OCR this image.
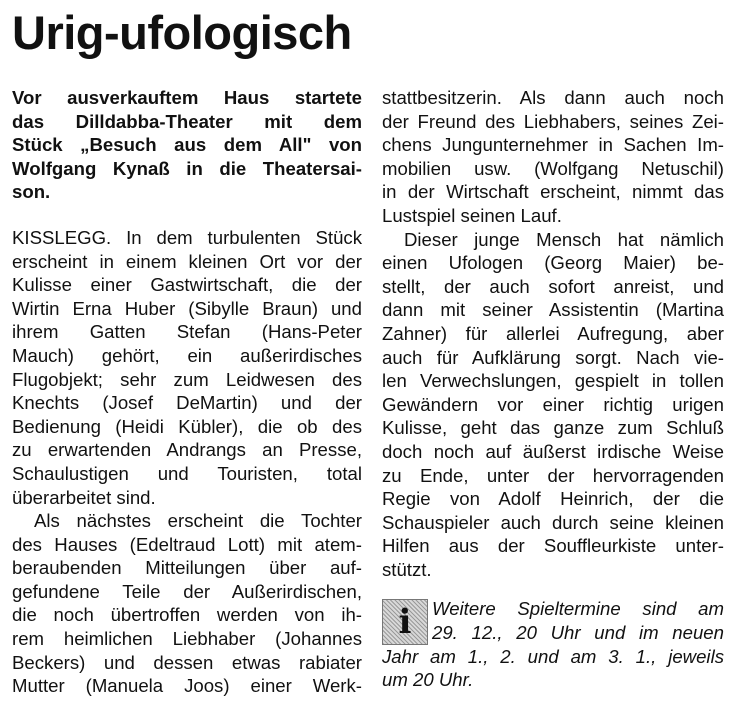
Urig-ufologisch
Vor ausverkauftem Haus startete
das Dilldabba-Theater mit dem
Stück „Besuch aus dem All" von
Wolfgang Kynaß in die Theatersai-
son.
KISSLEGG. In dem turbulenten Stück
erscheint in einem kleinen Ort vor der
Kulisse einer Gastwirtschaft, die der
Wirtin Erna Huber (Sibylle Braun) und
ihrem Gatten Stefan (Hans-Peter
Mauch) gehört, ein außerirdisches
Flugobjekt; sehr zum Leidwesen des
Knechts (Josef DeMartin) und der
Bedienung (Heidi Kübler), die ob des
zu erwartenden Andrangs an Presse,
Schaulustigen und Touristen, total
überarbeitet sind.
Als nächstes erscheint die Tochter
des Hauses (Edeltraud Lott) mit atem-
beraubenden Mitteilungen über auf-
gefundene Teile der Außerirdischen,
die noch übertroffen werden von ih-
rem heimlichen Liebhaber (Johannes
Beckers) und dessen etwas rabiater
Mutter (Manuela Joos) einer Werk-
stattbesitzerin. Als dann auch noch
der Freund des Liebhabers, seines Zei-
chens Jungunternehmer in Sachen Im-
mobilien usw. (Wolfgang Netuschil)
in der Wirtschaft erscheint, nimmt das
Lustspiel seinen Lauf.
Dieser junge Mensch hat nämlich
einen Ufologen (Georg Maier) be-
stellt, der auch sofort anreist, und
dann mit seiner Assistentin (Martina
Zahner) für allerlei Aufregung, aber
auch für Aufklärung sorgt. Nach vie-
len Verwechslungen, gespielt in tollen
Gewändern vor einer richtig urigen
Kulisse, geht das ganze zum Schluß
doch noch auf äußerst irdische Weise
zu Ende, unter der hervorragenden
Regie von Adolf Heinrich, der die
Schauspieler auch durch seine kleinen
Hilfen aus der Souffleurkiste unter-
stützt.
i	Weitere Spieltermine sind am
29. 12., 20 Uhr und im neuen
Jahr am 1., 2. und am 3. 1., jeweils
um 20 Uhr.
